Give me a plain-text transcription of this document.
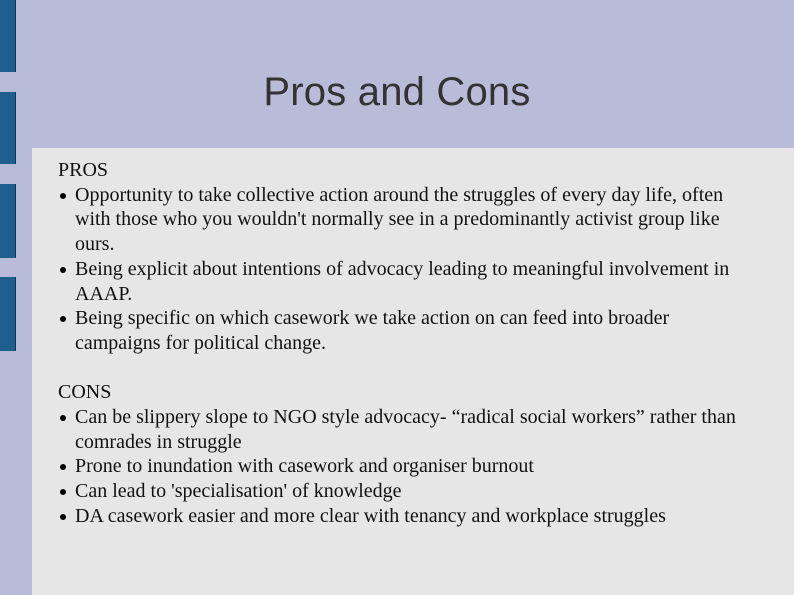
Pros and Cons
PROS
Opportunity to take collective action around the struggles of every day life, often with those who you wouldn't normally see in a predominantly activist group like ours.
Being explicit about intentions of advocacy leading to meaningful involvement in AAAP.
Being specific on which casework we take action on can feed into broader campaigns for political change.
CONS
Can be slippery slope to NGO style advocacy- “radical social workers” rather than comrades in struggle
Prone to inundation with casework and organiser burnout
Can lead to 'specialisation' of knowledge
DA casework easier and more clear with tenancy and workplace struggles
